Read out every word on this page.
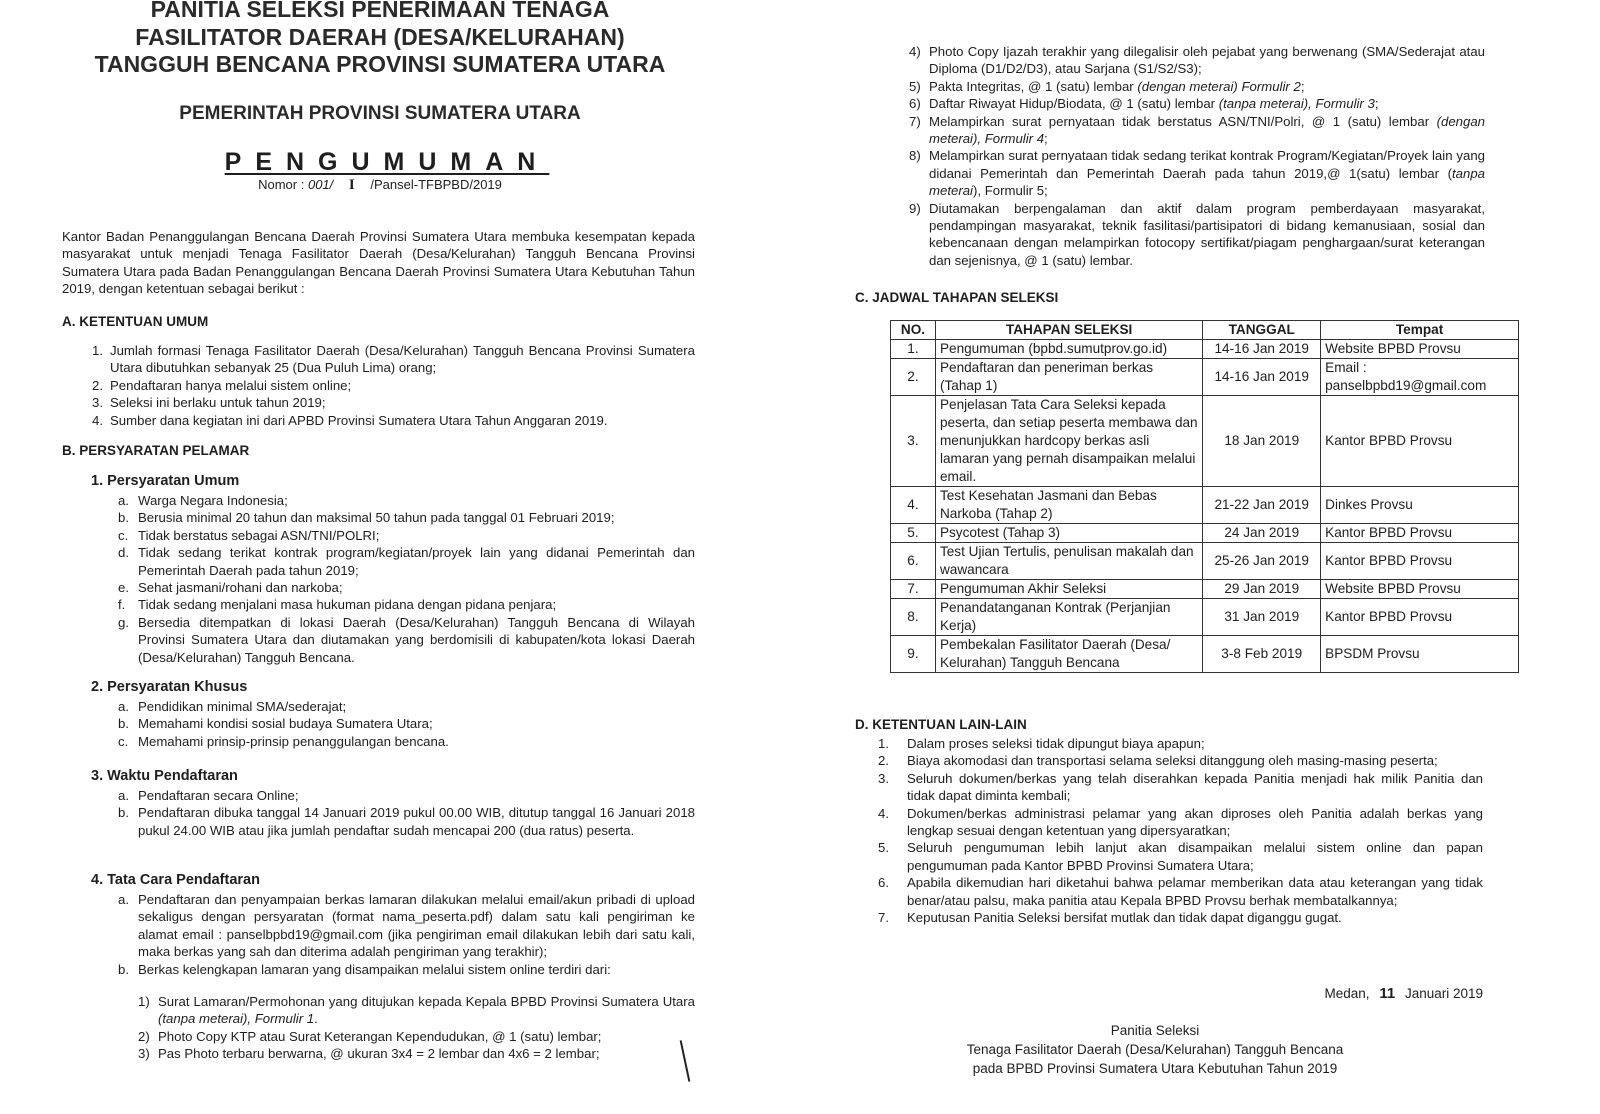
PANITIA SELEKSI PENERIMAAN TENAGA
FASILITATOR DAERAH (DESA/KELURAHAN)
TANGGUH BENCANA PROVINSI SUMATERA UTARA
PEMERINTAH PROVINSI SUMATERA UTARA
PENGUMUMAN
Nomor : 001/ I /Pansel-TFBPBD/2019
Kantor Badan Penanggulangan Bencana Daerah Provinsi Sumatera Utara membuka kesempatan kepada masyarakat untuk menjadi Tenaga Fasilitator Daerah (Desa/Kelurahan) Tangguh Bencana Provinsi Sumatera Utara pada Badan Penanggulangan Bencana Daerah Provinsi Sumatera Utara Kebutuhan Tahun 2019, dengan ketentuan sebagai berikut :
A. KETENTUAN UMUM
1. Jumlah formasi Tenaga Fasilitator Daerah (Desa/Kelurahan) Tangguh Bencana Provinsi Sumatera Utara dibutuhkan sebanyak 25 (Dua Puluh Lima) orang;
2. Pendaftaran hanya melalui sistem online;
3. Seleksi ini berlaku untuk tahun 2019;
4. Sumber dana kegiatan ini dari APBD Provinsi Sumatera Utara Tahun Anggaran 2019.
B. PERSYARATAN PELAMAR
1. Persyaratan Umum
a. Warga Negara Indonesia;
b. Berusia minimal 20 tahun dan maksimal 50 tahun pada tanggal 01 Februari 2019;
c. Tidak berstatus sebagai ASN/TNI/POLRI;
d. Tidak sedang terikat kontrak program/kegiatan/proyek lain yang didanai Pemerintah dan Pemerintah Daerah pada tahun 2019;
e. Sehat jasmani/rohani dan narkoba;
f. Tidak sedang menjalani masa hukuman pidana dengan pidana penjara;
g. Bersedia ditempatkan di lokasi Daerah (Desa/Kelurahan) Tangguh Bencana di Wilayah Provinsi Sumatera Utara dan diutamakan yang berdomisili di kabupaten/kota lokasi Daerah (Desa/Kelurahan) Tangguh Bencana.
2. Persyaratan Khusus
a. Pendidikan minimal SMA/sederajat;
b. Memahami kondisi sosial budaya Sumatera Utara;
c. Memahami prinsip-prinsip penanggulangan bencana.
3. Waktu Pendaftaran
a. Pendaftaran secara Online;
b. Pendaftaran dibuka tanggal 14 Januari 2019 pukul 00.00 WIB, ditutup tanggal 16 Januari 2018 pukul 24.00 WIB atau jika jumlah pendaftar sudah mencapai 200 (dua ratus) peserta.
4. Tata Cara Pendaftaran
a. Pendaftaran dan penyampaian berkas lamaran dilakukan melalui email/akun pribadi di upload sekaligus dengan persyaratan (format nama_peserta.pdf) dalam satu kali pengiriman ke alamat email : panselbpbd19@gmail.com (jika pengiriman email dilakukan lebih dari satu kali, maka berkas yang sah dan diterima adalah pengiriman yang terakhir);
b. Berkas kelengkapan lamaran yang disampaikan melalui sistem online terdiri dari:
1) Surat Lamaran/Permohonan yang ditujukan kepada Kepala BPBD Provinsi Sumatera Utara (tanpa meterai), Formulir 1.
2) Photo Copy KTP atau Surat Keterangan Kependudukan, @ 1 (satu) lembar;
3) Pas Photo terbaru berwarna, @ ukuran 3x4 = 2 lembar dan 4x6 = 2 lembar;
4) Photo Copy Ijazah terakhir yang dilegalisir oleh pejabat yang berwenang (SMA/Sederajat atau Diploma (D1/D2/D3), atau Sarjana (S1/S2/S3);
5) Pakta Integritas, @ 1 (satu) lembar (dengan meterai) Formulir 2;
6) Daftar Riwayat Hidup/Biodata, @ 1 (satu) lembar (tanpa meterai), Formulir 3;
7) Melampirkan surat pernyataan tidak berstatus ASN/TNI/Polri, @ 1 (satu) lembar (dengan meterai), Formulir 4;
8) Melampirkan surat pernyataan tidak sedang terikat kontrak Program/Kegiatan/Proyek lain yang didanai Pemerintah dan Pemerintah Daerah pada tahun 2019,@ 1(satu) lembar (tanpa meterai), Formulir 5;
9) Diutamakan berpengalaman dan aktif dalam program pemberdayaan masyarakat, pendampingan masyarakat, teknik fasilitasi/partisipatori di bidang kemanusiaan, sosial dan kebencanaan dengan melampirkan fotocopy sertifikat/piagam penghargaan/surat keterangan dan sejenisnya, @ 1 (satu) lembar.
C. JADWAL TAHAPAN SELEKSI
NO.	TAHAPAN SELEKSI	TANGGAL	Tempat
1.	Pengumuman (bpbd.sumutprov.go.id)	14-16 Jan 2019	Website BPBD Provsu
2.	Pendaftaran dan peneriman berkas (Tahap 1)	14-16 Jan 2019	Email : panselbpbd19@gmail.com
3.	Penjelasan Tata Cara Seleksi kepada peserta, dan setiap peserta membawa dan menunjukkan hardcopy berkas asli lamaran yang pernah disampaikan melalui email.	18 Jan 2019	Kantor BPBD Provsu
4.	Test Kesehatan Jasmani dan Bebas Narkoba (Tahap 2)	21-22 Jan 2019	Dinkes Provsu
5.	Psycotest (Tahap 3)	24 Jan 2019	Kantor BPBD Provsu
6.	Test Ujian Tertulis, penulisan makalah dan wawancara	25-26 Jan 2019	Kantor BPBD Provsu
7.	Pengumuman Akhir Seleksi	29 Jan 2019	Website BPBD Provsu
8.	Penandatanganan Kontrak (Perjanjian Kerja)	31 Jan 2019	Kantor BPBD Provsu
9.	Pembekalan Fasilitator Daerah (Desa/ Kelurahan) Tangguh Bencana	3-8 Feb 2019	BPSDM Provsu
D. KETENTUAN LAIN-LAIN
1.	Dalam proses seleksi tidak dipungut biaya apapun;
2.	Biaya akomodasi dan transportasi selama seleksi ditanggung oleh masing-masing peserta;
3.	Seluruh dokumen/berkas yang telah diserahkan kepada Panitia menjadi hak milik Panitia dan tidak dapat diminta kembali;
4.	Dokumen/berkas administrasi pelamar yang akan diproses oleh Panitia adalah berkas yang lengkap sesuai dengan ketentuan yang dipersyaratkan;
5.	Seluruh pengumuman lebih lanjut akan disampaikan melalui sistem online dan papan pengumuman pada Kantor BPBD Provinsi Sumatera Utara;
6.	Apabila dikemudian hari diketahui bahwa pelamar memberikan data atau keterangan yang tidak benar/atau palsu, maka panitia atau Kepala BPBD Provsu berhak membatalkannya;
7.	Keputusan Panitia Seleksi bersifat mutlak dan tidak dapat diganggu gugat.
Medan, 11 Januari 2019
Panitia Seleksi
Tenaga Fasilitator Daerah (Desa/Kelurahan) Tangguh Bencana
pada BPBD Provinsi Sumatera Utara Kebutuhan Tahun 2019
